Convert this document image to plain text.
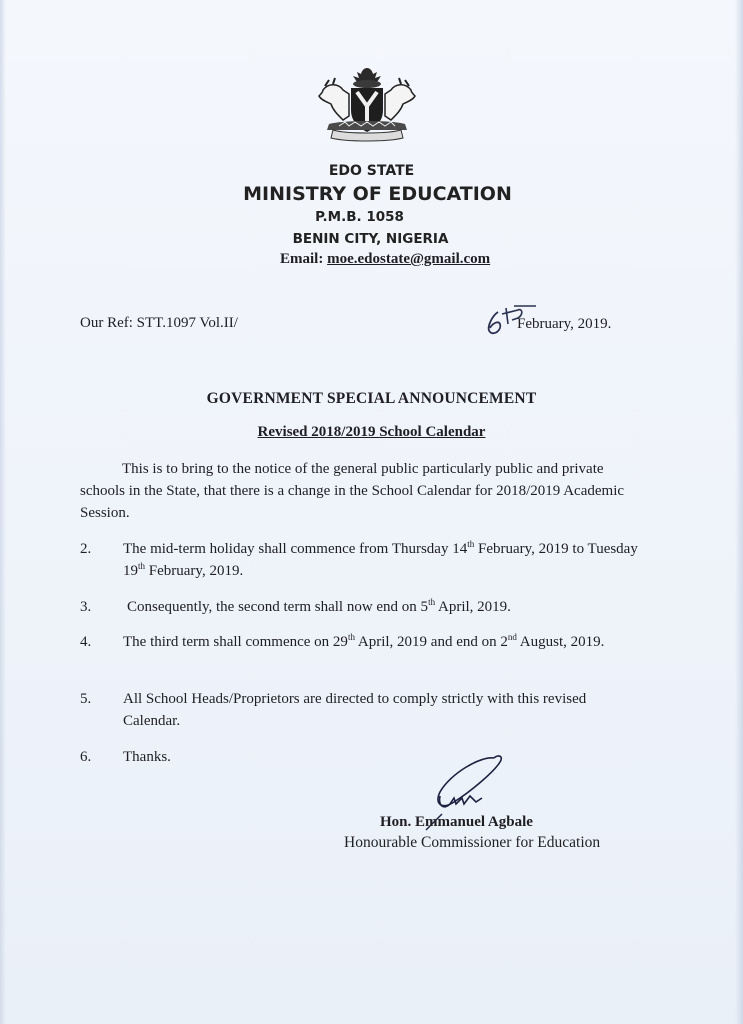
EDO STATE
MINISTRY OF EDUCATION
P.M.B. 1058
BENIN CITY, NIGERIA
Email: moe.edostate@gmail.com
Our Ref: STT.1097 Vol.II/	February, 2019.
GOVERNMENT SPECIAL ANNOUNCEMENT
Revised 2018/2019 School Calendar
This is to bring to the notice of the general public particularly public and private schools in the State, that there is a change in the School Calendar for 2018/2019 Academic Session.
2.	The mid-term holiday shall commence from Thursday 14th February, 2019 to Tuesday 19th February, 2019.
3.	Consequently, the second term shall now end on 5th April, 2019.
4.	The third term shall commence on 29th April, 2019 and end on 2nd August, 2019.
5.	All School Heads/Proprietors are directed to comply strictly with this revised Calendar.
6.	Thanks.
Hon. Emmanuel Agbale
Honourable Commissioner for Education
